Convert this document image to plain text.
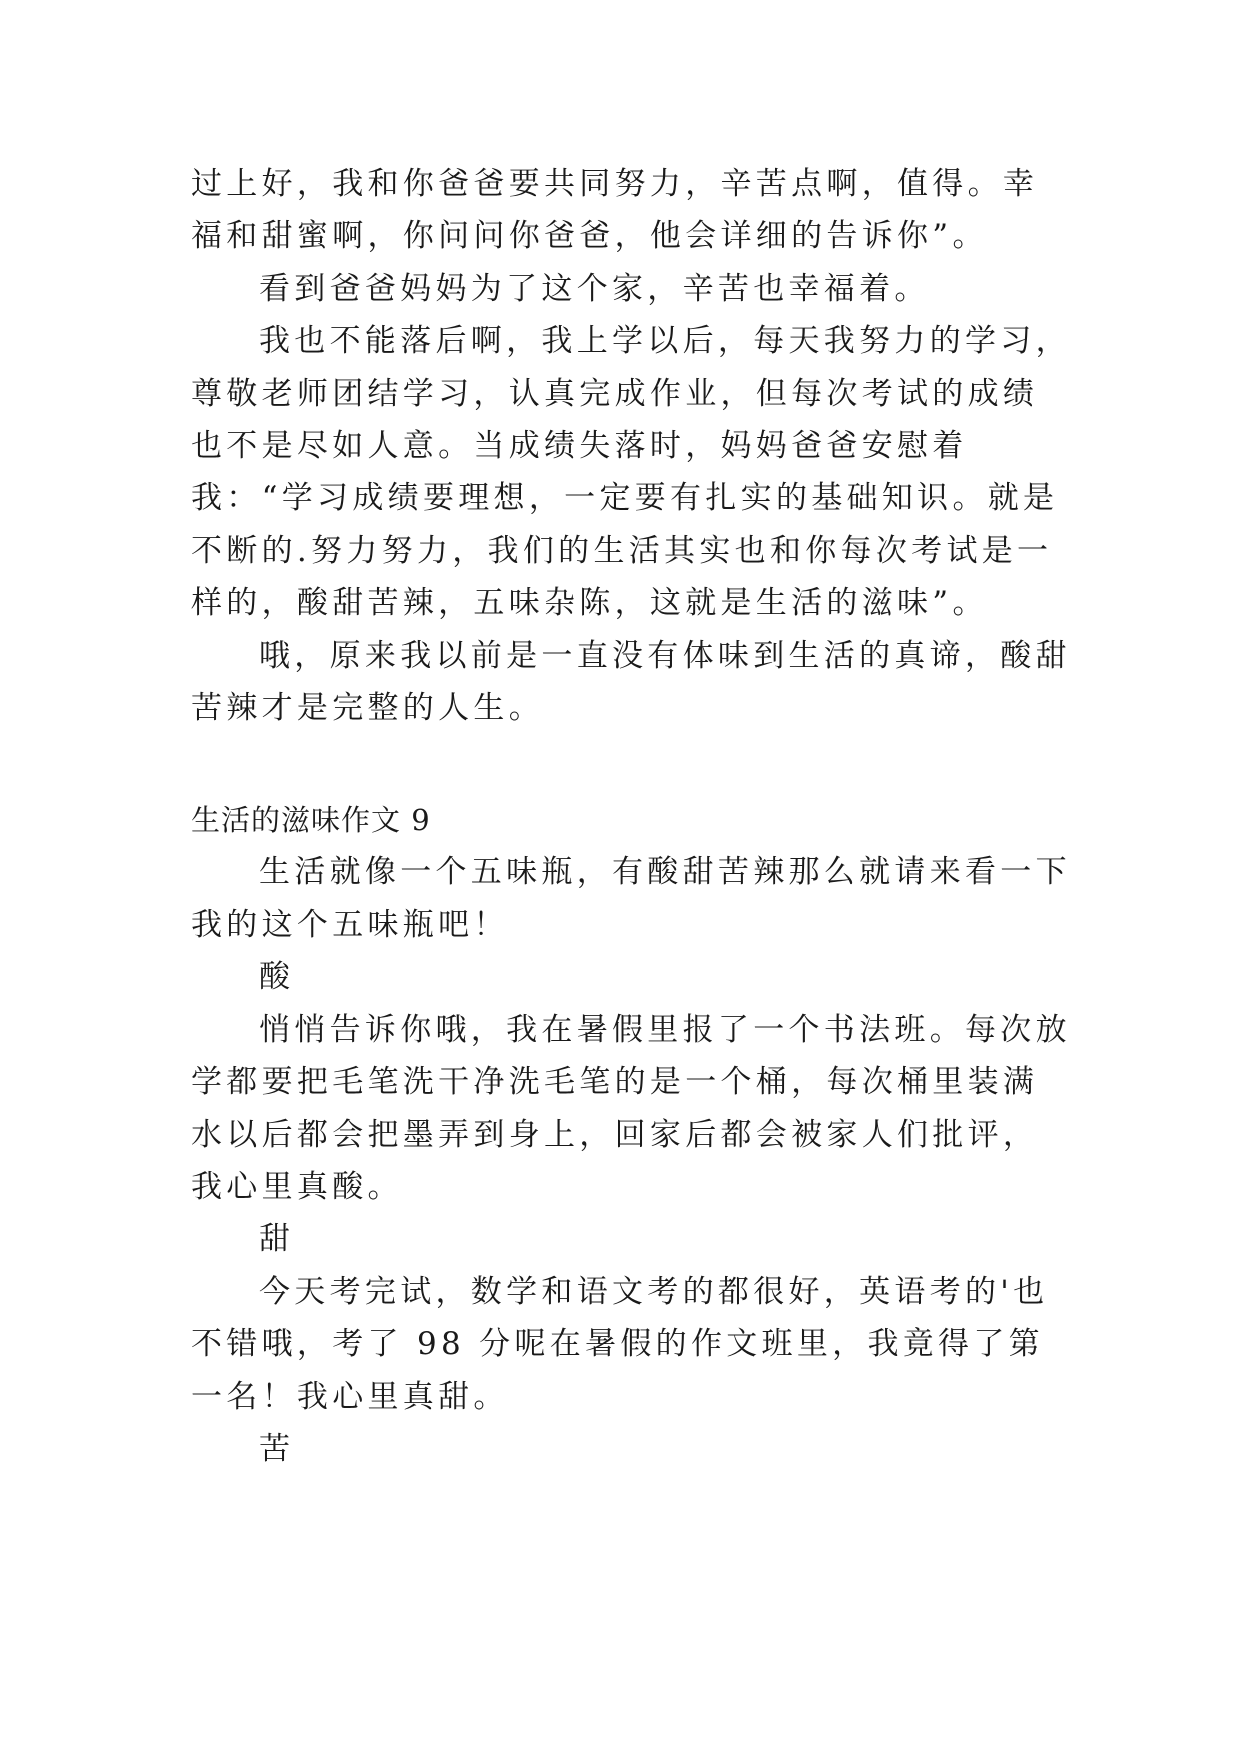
过上好，我和你爸爸要共同努力，辛苦点啊，值得。幸福和甜蜜啊，你问问你爸爸，他会详细的告诉你”。

看到爸爸妈妈为了这个家，辛苦也幸福着。

我也不能落后啊，我上学以后，每天我努力的学习，尊敬老师团结学习，认真完成作业，但每次考试的成绩也不是尽如人意。当成绩失落时，妈妈爸爸安慰着我：“学习成绩要理想，一定要有扎实的基础知识。就是不断的.努力努力，我们的生活其实也和你每次考试是一样的，酸甜苦辣，五味杂陈，这就是生活的滋味”。

哦，原来我以前是一直没有体味到生活的真谛，酸甜苦辣才是完整的人生。

生活的滋味作文 9

生活就像一个五味瓶，有酸甜苦辣那么就请来看一下我的这个五味瓶吧！

酸

悄悄告诉你哦，我在暑假里报了一个书法班。每次放学都要把毛笔洗干净洗毛笔的是一个桶，每次桶里装满水以后都会把墨弄到身上，回家后都会被家人们批评，我心里真酸。

甜

今天考完试，数学和语文考的都很好，英语考的'也不错哦，考了 98 分呢在暑假的作文班里，我竟得了第一名！我心里真甜。

苦
